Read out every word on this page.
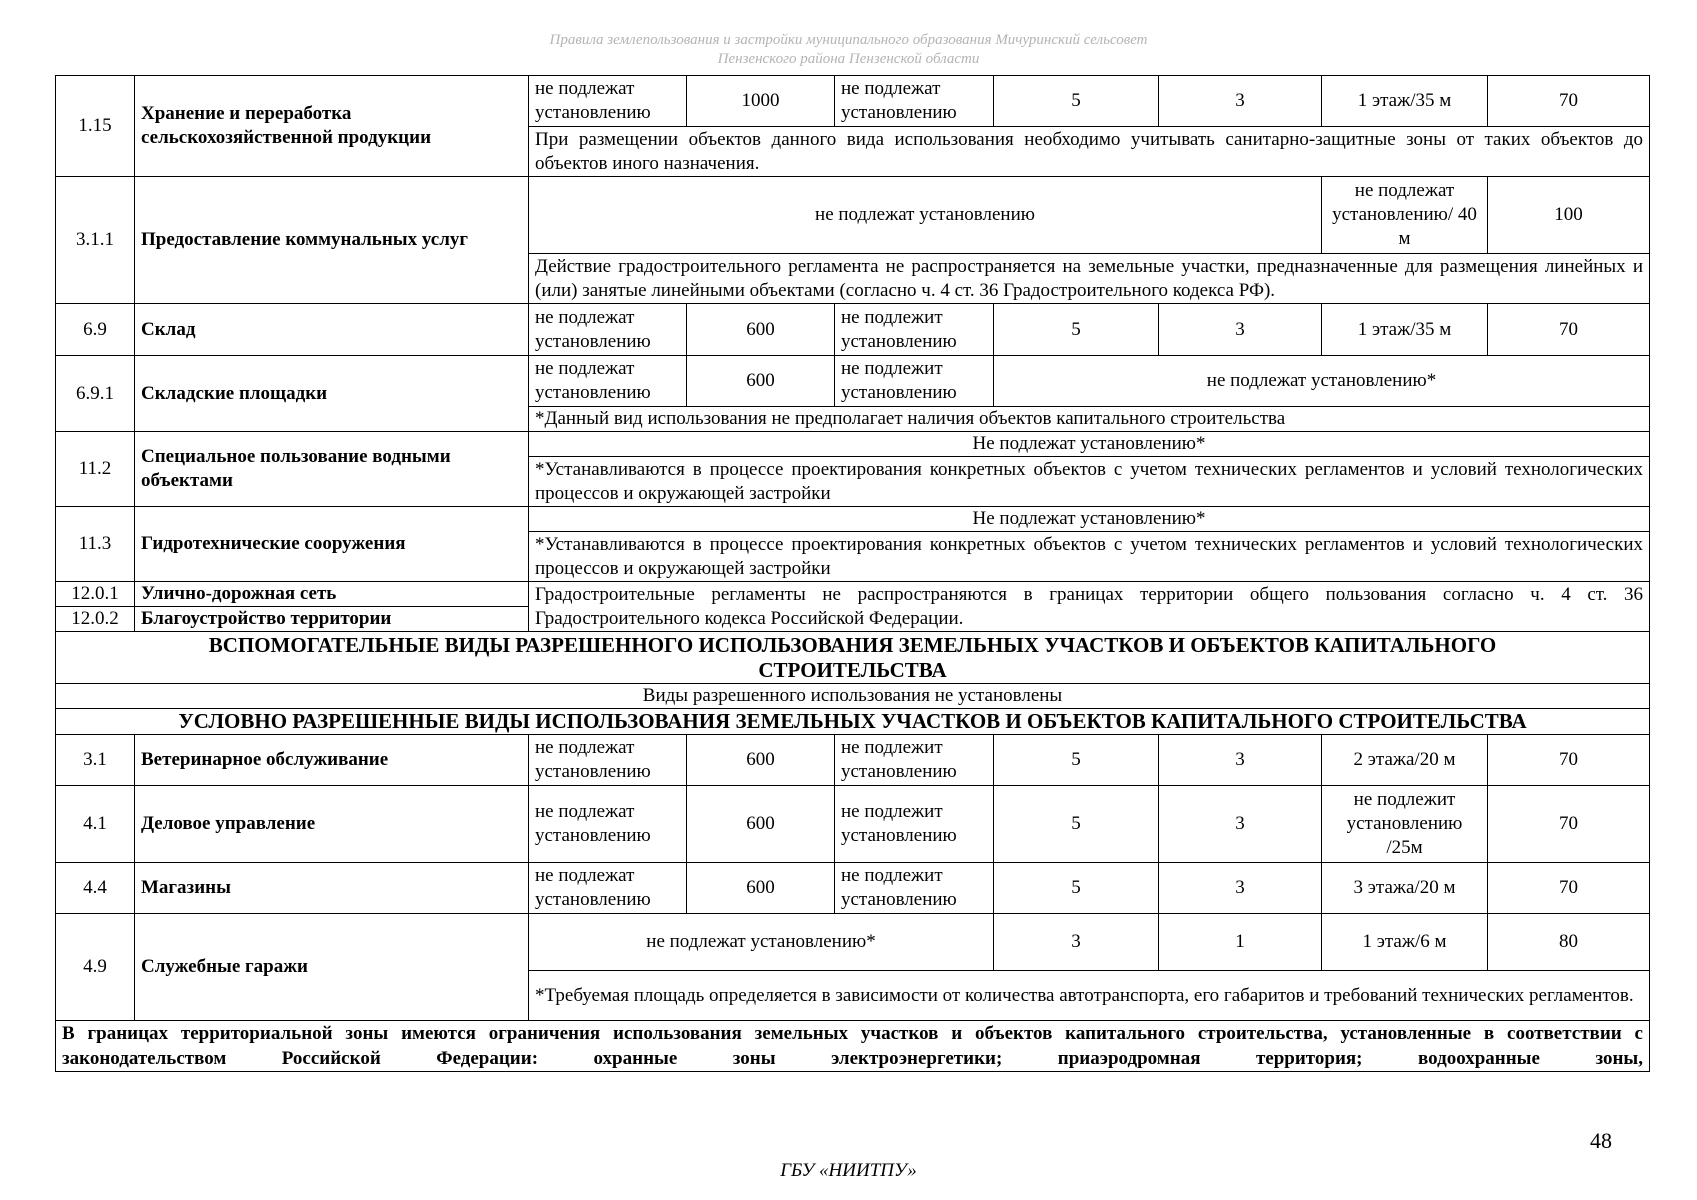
Правила землепользования и застройки муниципального образования Мичуринский сельсовет
Пензенского района Пензенской области
1.15	Хранение и переработка сельскохозяйственной продукции	не подлежат установлению	1000	не подлежат установлению	5	3	1 этаж/35 м	70
		При размещении объектов данного вида использования необходимо учитывать санитарно-защитные зоны от таких объектов до объектов иного назначения.						
3.1.1	Предоставление коммунальных услуг	не подлежат установлению					не подлежат установлению/ 40 м	100
		Действие градостроительного регламента не распространяется на земельные участки, предназначенные для размещения линейных и (или) занятые линейными объектами (согласно ч. 4 ст. 36 Градостроительного кодекса РФ).						
6.9	Склад	не подлежат установлению	600	не подлежит установлению	5	3	1 этаж/35 м	70
6.9.1	Складские площадки	не подлежат установлению	600	не подлежит установлению	не подлежат установлению*			
		*Данный вид использования не предполагает наличия объектов капитального строительства						
11.2	Специальное пользование водными объектами	Не подлежат установлению*						
		*Устанавливаются в процессе проектирования конкретных объектов с учетом технических регламентов и условий технологических процессов и окружающей застройки						
11.3	Гидротехнические сооружения	Не подлежат установлению*						
		*Устанавливаются в процессе проектирования конкретных объектов с учетом технических регламентов и условий технологических процессов и окружающей застройки						
12.0.1	Улично-дорожная сеть	Градостроительные регламенты не распространяются в границах территории общего пользования согласно ч. 4 ст. 36 Градостроительного кодекса Российской Федерации.						
12.0.2	Благоустройство территории							
ВСПОМОГАТЕЛЬНЫЕ ВИДЫ РАЗРЕШЕННОГО ИСПОЛЬЗОВАНИЯ ЗЕМЕЛЬНЫХ УЧАСТКОВ И ОБЪЕКТОВ КАПИТАЛЬНОГО СТРОИТЕЛЬСТВА								
Виды разрешенного использования не установлены								
УСЛОВНО РАЗРЕШЕННЫЕ ВИДЫ ИСПОЛЬЗОВАНИЯ ЗЕМЕЛЬНЫХ УЧАСТКОВ И ОБЪЕКТОВ КАПИТАЛЬНОГО СТРОИТЕЛЬСТВА								
3.1	Ветеринарное обслуживание	не подлежат установлению	600	не подлежит установлению	5	3	2 этажа/20 м	70
4.1	Деловое управление	не подлежат установлению	600	не подлежит установлению	5	3	не подлежит установлению /25м	70
4.4	Магазины	не подлежат установлению	600	не подлежит установлению	5	3	3 этажа/20 м	70
4.9	Служебные гаражи	не подлежат установлению*			3	1	1 этаж/6 м	80
		*Требуемая площадь определяется в зависимости от количества автотранспорта, его габаритов и требований технических регламентов.						
В границах территориальной зоны имеются ограничения использования земельных участков и объектов капитального строительства, установленные в соответствии с законодательством Российской Федерации: охранные зоны электроэнергетики; приаэродромная территория; водоохранные зоны,								
48
ГБУ «НИИТПУ»
